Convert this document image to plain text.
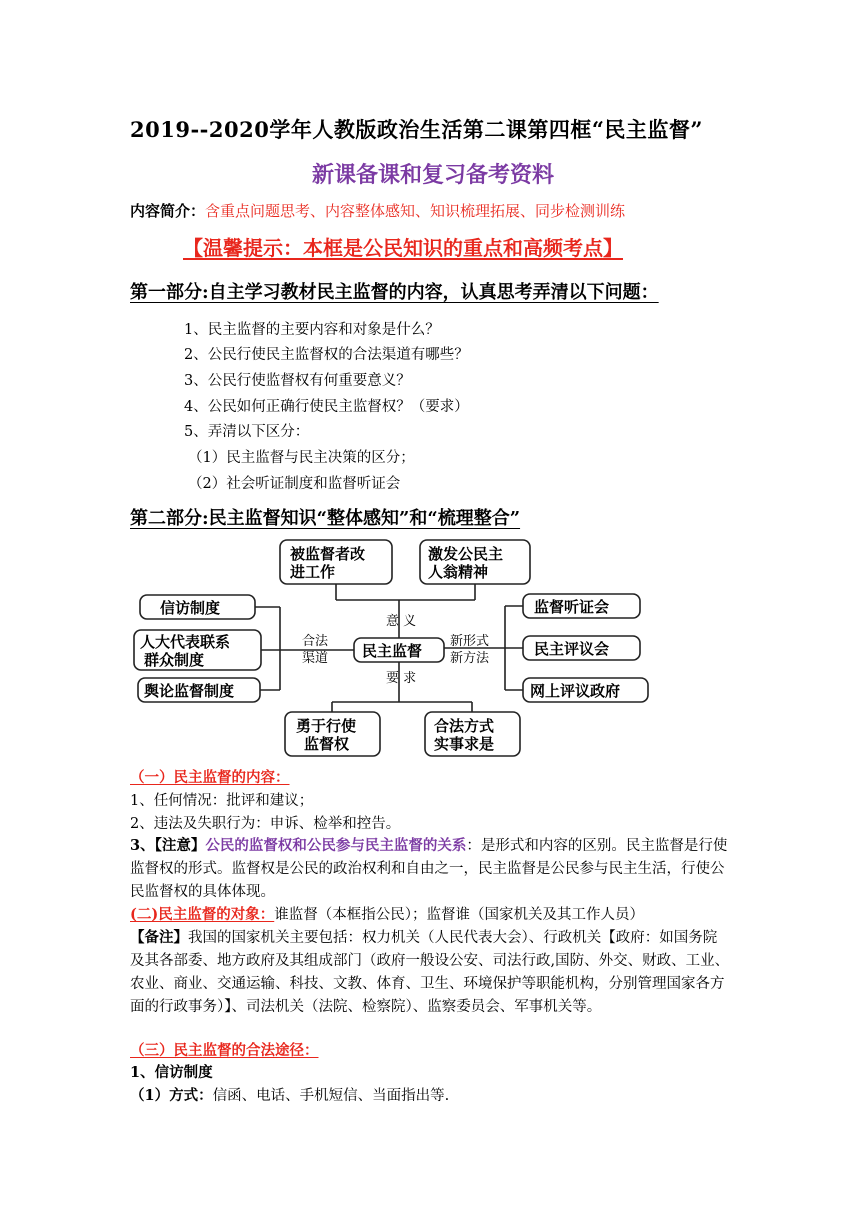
2019--2020学年人教版政治生活第二课第四框“民主监督”
新课备课和复习备考资料
内容简介：含重点问题思考、内容整体感知、知识梳理拓展、同步检测训练
【温馨提示：本框是公民知识的重点和高频考点】
第一部分:自主学习教材民主监督的内容，认真思考弄清以下问题：
1、民主监督的主要内容和对象是什么？
2、公民行使民主监督权的合法渠道有哪些？
3、公民行使监督权有何重要意义？
4、公民如何正确行使民主监督权？（要求）
5、弄清以下区分：
（1）民主监督与民主决策的区分；
（2）社会听证制度和监督听证会
第二部分:民主监督知识“整体感知”和“梳理整合”
被监督者改
进工作
激发公民主
人翁精神
民主监督
信访制度
人大代表联系
群众制度
舆论监督制度
监督听证会
民主评议会
网上评议政府
勇于行使
监督权
合法方式
实事求是
意 义
要 求
合法
渠道
新形式
新方法
（一）民主监督的内容：
1、任何情况：批评和建议；
2、违法及失职行为：申诉、检举和控告。
3、【注意】公民的监督权和公民参与民主监督的关系：是形式和内容的区别。民主监督是行使监督权的形式。监督权是公民的政治权利和自由之一，民主监督是公民参与民主生活，行使公民监督权的具体体现。
(二)民主监督的对象：谁监督（本框指公民）；监督谁（国家机关及其工作人员）
【备注】我国的国家机关主要包括：权力机关（人民代表大会）、行政机关【政府：如国务院及其各部委、地方政府及其组成部门（政府一般设公安、司法行政,国防、外交、财政、工业、农业、商业、交通运输、科技、文教、体育、卫生、环境保护等职能机构，分别管理国家各方面的行政事务）】、司法机关（法院、检察院）、监察委员会、军事机关等。
（三）民主监督的合法途径：
1、信访制度
（1）方式：信函、电话、手机短信、当面指出等.
